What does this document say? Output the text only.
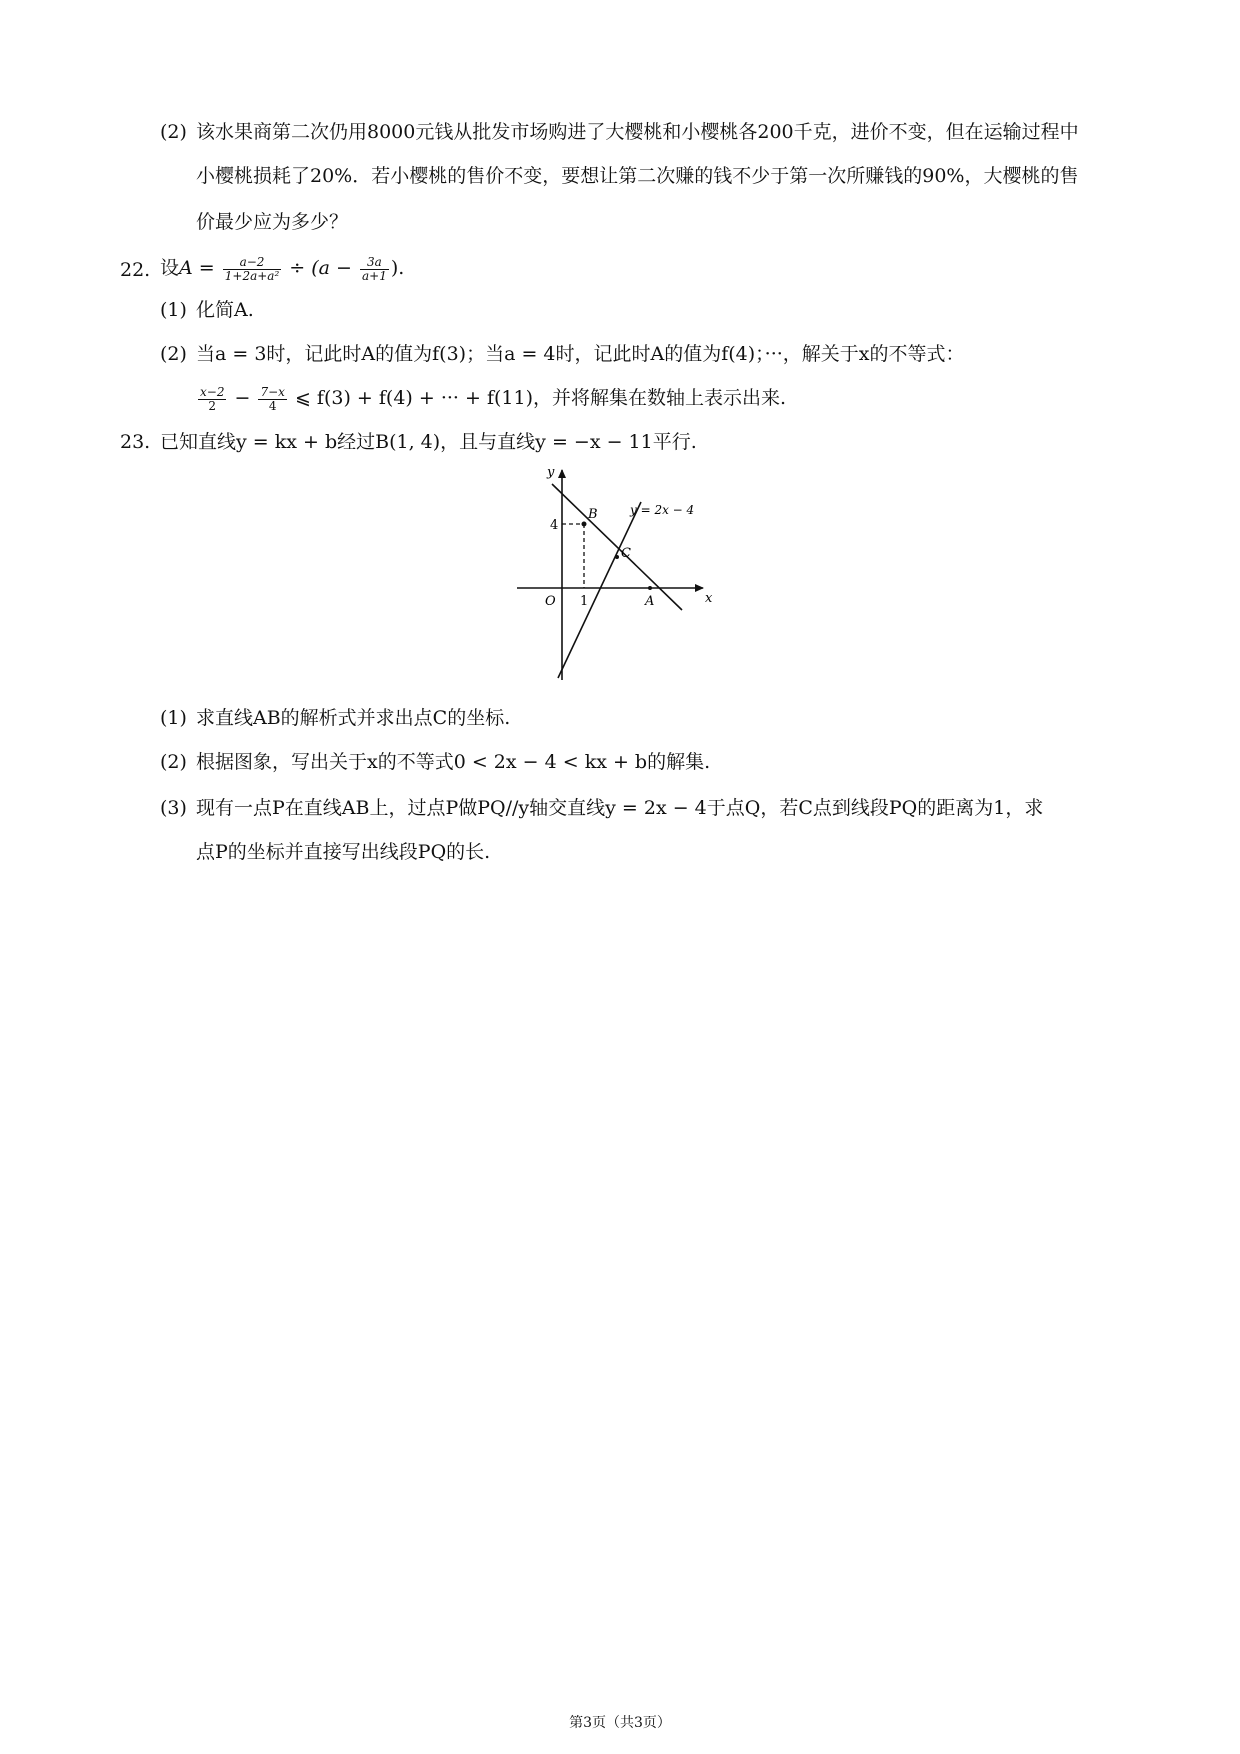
(2) 该水果商第二次仍用8000元钱从批发市场购进了大樱桃和小樱桃各200千克，进价不变，但在运输过程中
小樱桃损耗了20%．若小樱桃的售价不变，要想让第二次赚的钱不少于第一次所赚钱的90%，大樱桃的售
价最少应为多少？
22. 设$A = \frac{a-2}{\text{1+2a+a²}} \div (a - \frac{3a}{a+1}$ ).
(1) 化简A.
(2) 当a = 3时，记此时A的值为f(3)；当a = 4时，记此时A的值为f(4)；···，解关于x的不等式：
$\frac{x-2}{2} - \frac{7-x}{4}$ ⩽ f(3) + f(4) + ··· + f(11)，并将解集在数轴上表示出来.
23. 已知直线y = kx + b经过B(1, 4)，且与直线y = −x − 11平行.
y
x
O
B
C
A
4
1
y = 2x − 4
(1) 求直线AB的解析式并求出点C的坐标.
(2) 根据图象，写出关于x的不等式0 < 2x − 4 < kx + b的解集.
(3) 现有一点P在直线AB上，过点P做PQ//y轴交直线y = 2x − 4于点Q，若C点到线段PQ的距离为1，求
点P的坐标并直接写出线段PQ的长.
第3页（共3页）
